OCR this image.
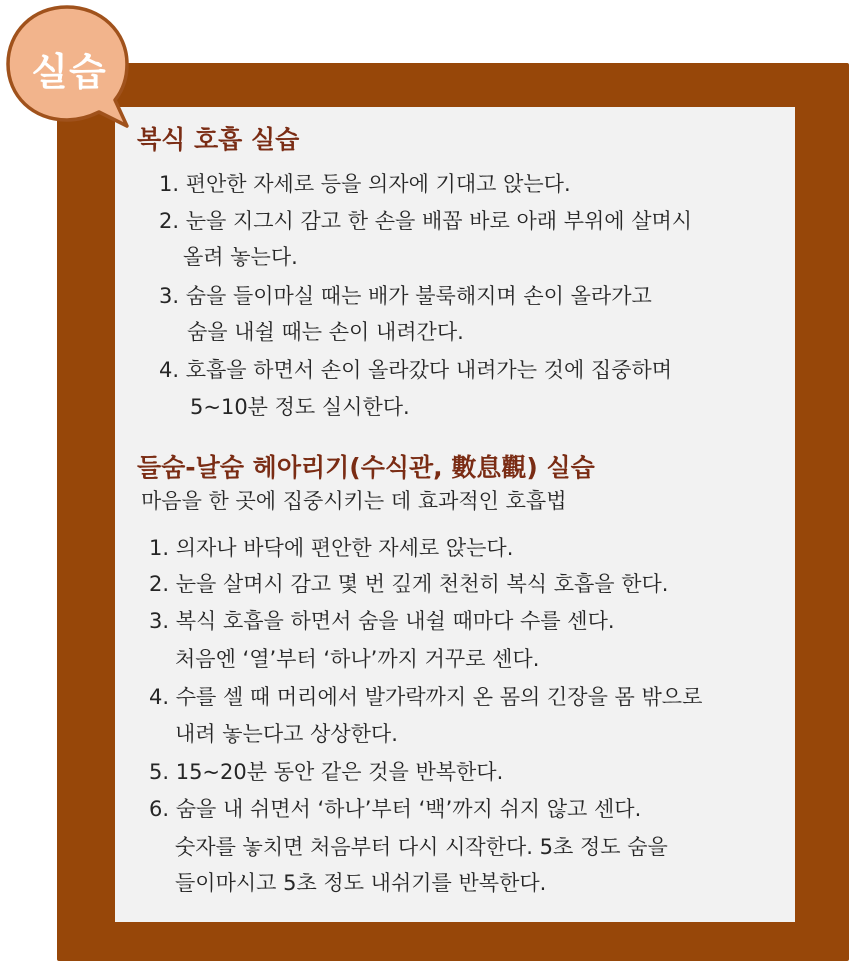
실습
복식 호흡 실습

1. 편안한 자세로 등을 의자에 기대고 앉는다.

2. 눈을 지그시 감고 한 손을 배꼽 바로 아래 부위에 살며시

올려 놓는다.

3. 숨을 들이마실 때는 배가 불룩해지며 손이 올라가고

숨을 내쉴 때는 손이 내려간다.

4. 호흡을 하면서 손이 올라갔다 내려가는 것에 집중하며

5~10분 정도 실시한다.

들숨-날숨 헤아리기(수식관, 數息觀) 실습

마음을 한 곳에 집중시키는 데 효과적인 호흡법

1. 의자나 바닥에 편안한 자세로 앉는다.

2. 눈을 살며시 감고 몇 번 깊게 천천히 복식 호흡을 한다.

3. 복식 호흡을 하면서 숨을 내쉴 때마다 수를 센다.

처음엔 ‘열’부터 ‘하나’까지 거꾸로 센다.

4. 수를 셀 때 머리에서 발가락까지 온 몸의 긴장을 몸 밖으로

내려 놓는다고 상상한다.

5. 15~20분 동안 같은 것을 반복한다.

6. 숨을 내 쉬면서 ‘하나’부터 ‘백’까지 쉬지 않고 센다.

숫자를 놓치면 처음부터 다시 시작한다. 5초 정도 숨을

들이마시고 5초 정도 내쉬기를 반복한다.
